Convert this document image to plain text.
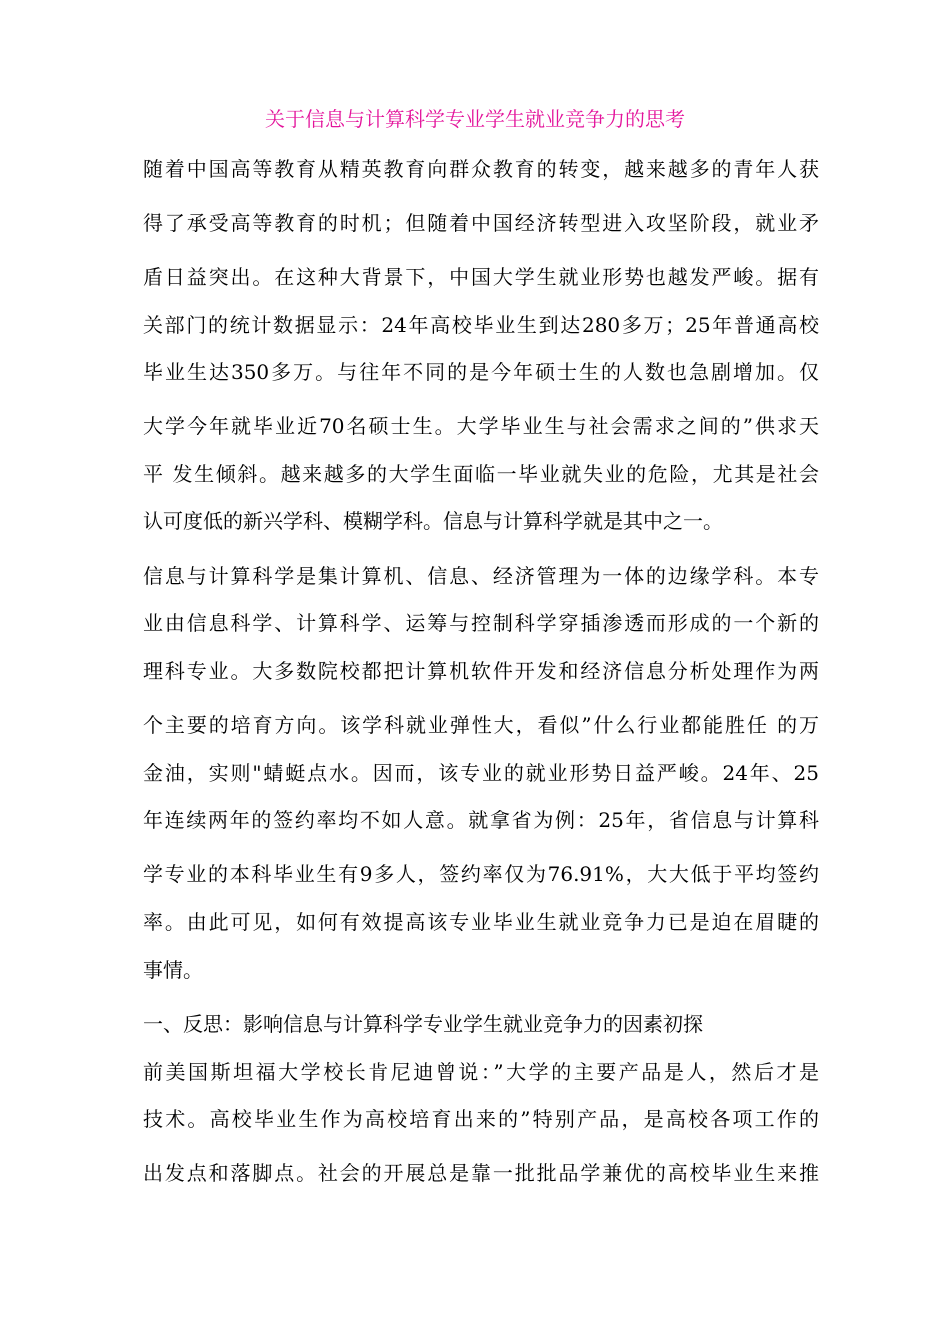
关于信息与计算科学专业学生就业竞争力的思考
随着中国高等教育从精英教育向群众教育的转变，越来越多的青年人获
得了承受高等教育的时机；但随着中国经济转型进入攻坚阶段，就业矛
盾日益突出。在这种大背景下，中国大学生就业形势也越发严峻。据有
关部门的统计数据显示：24年高校毕业生到达280多万；25年普通高校
毕业生达350多万。与往年不同的是今年硕士生的人数也急剧增加。仅
大学今年就毕业近70名硕士生。大学毕业生与社会需求之间的”供求天
平 发生倾斜。越来越多的大学生面临一毕业就失业的危险，尤其是社会
认可度低的新兴学科、模糊学科。信息与计算科学就是其中之一。
信息与计算科学是集计算机、信息、经济管理为一体的边缘学科。本专
业由信息科学、计算科学、运筹与控制科学穿插渗透而形成的一个新的
理科专业。大多数院校都把计算机软件开发和经济信息分析处理作为两
个主要的培育方向。该学科就业弹性大，看似”什么行业都能胜任 的万
金油，实则"蜻蜓点水。因而，该专业的就业形势日益严峻。24年、25
年连续两年的签约率均不如人意。就拿省为例：25年，省信息与计算科
学专业的本科毕业生有9多人，签约率仅为76.91%，大大低于平均签约
率。由此可见，如何有效提高该专业毕业生就业竞争力已是迫在眉睫的
事情。
一、反思：影响信息与计算科学专业学生就业竞争力的因素初探
前美国斯坦福大学校长肯尼迪曾说：”大学的主要产品是人，然后才是
技术。高校毕业生作为高校培育出来的”特别产品，是高校各项工作的
出发点和落脚点。社会的开展总是靠一批批品学兼优的高校毕业生来推
